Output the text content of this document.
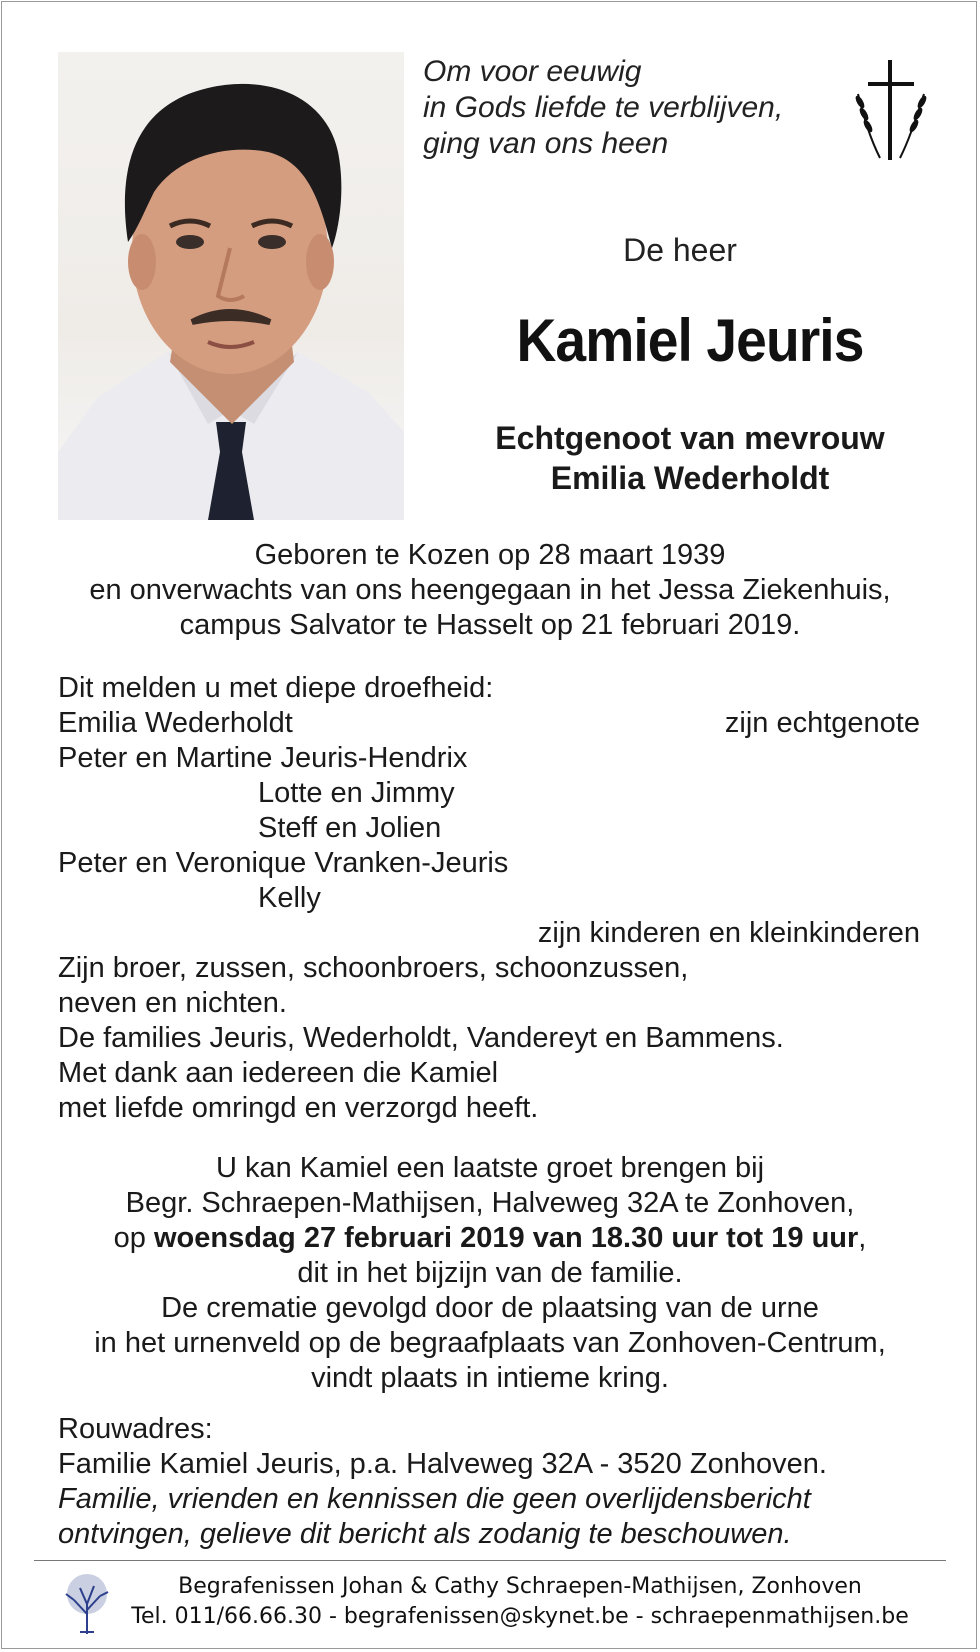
Om voor eeuwig
in Gods liefde te verblijven,
ging van ons heen
De heer
Kamiel Jeuris
Echtgenoot van mevrouw
Emilia Wederholdt
Geboren te Kozen op 28 maart 1939
en onverwachts van ons heengegaan in het Jessa Ziekenhuis,
campus Salvator te Hasselt op 21 februari 2019.
Dit melden u met diepe droefheid:
Emilia Wederholdt	zijn echtgenote
Peter en Martine Jeuris-Hendrix
Lotte en Jimmy
Steff en Jolien
Peter en Veronique Vranken-Jeuris
Kelly
zijn kinderen en kleinkinderen
Zijn broer, zussen, schoonbroers, schoonzussen,
neven en nichten.
De families Jeuris, Wederholdt, Vandereyt en Bammens.
Met dank aan iedereen die Kamiel
met liefde omringd en verzorgd heeft.
U kan Kamiel een laatste groet brengen bij
Begr. Schraepen-Mathijsen, Halveweg 32A te Zonhoven,
op woensdag 27 februari 2019 van 18.30 uur tot 19 uur,
dit in het bijzijn van de familie.
De crematie gevolgd door de plaatsing van de urne
in het urnenveld op de begraafplaats van Zonhoven-Centrum,
vindt plaats in intieme kring.
Rouwadres:
Familie Kamiel Jeuris, p.a. Halveweg 32A - 3520 Zonhoven.
Familie, vrienden en kennissen die geen overlijdensbericht
ontvingen, gelieve dit bericht als zodanig te beschouwen.
Begrafenissen Johan & Cathy Schraepen-Mathijsen, Zonhoven
Tel. 011/66.66.30 - begrafenissen@skynet.be - schraepenmathijsen.be
